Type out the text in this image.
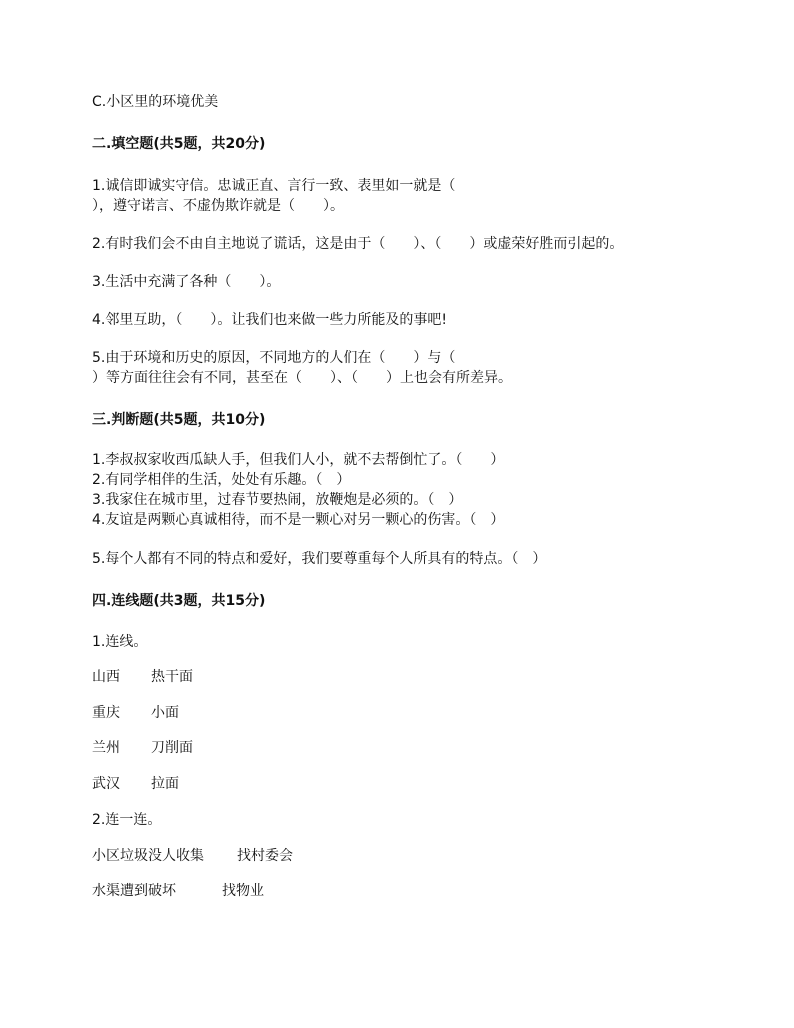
C.小区里的环境优美
二.填空题(共5题，共20分)
1.诚信即诚实守信。忠诚正直、言行一致、表里如一就是（
），遵守诺言、不虚伪欺诈就是（　　）。
2.有时我们会不由自主地说了谎话，这是由于（　　）、（　　）或虚荣好胜而引起的。
3.生活中充满了各种（　　）。
4.邻里互助，（　　）。让我们也来做一些力所能及的事吧!
5.由于环境和历史的原因，不同地方的人们在（　　）与（
）等方面往往会有不同，甚至在（　　）、（　　）上也会有所差异。
三.判断题(共5题，共10分)
1.李叔叔家收西瓜缺人手，但我们人小，就不去帮倒忙了。（　　）
2.有同学相伴的生活，处处有乐趣。（　）
3.我家住在城市里，过春节要热闹，放鞭炮是必须的。（　）
4.友谊是两颗心真诚相待，而不是一颗心对另一颗心的伤害。（　）
5.每个人都有不同的特点和爱好，我们要尊重每个人所具有的特点。（　）
四.连线题(共3题，共15分)
1.连线。
山西 热干面
重庆 小面
兰州 刀削面
武汉 拉面
2.连一连。
小区垃圾没人收集 找村委会
水渠遭到破坏	找物业
